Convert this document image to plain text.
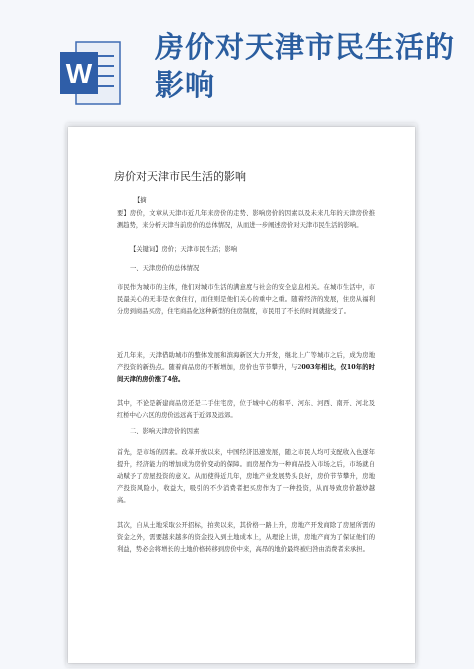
W
房价对天津市民生活的影响
房价对天津市民生活的影响
【摘
要】房价，文章从天津市近几年来房价的走势、影响房价的因素以及未来几年的天津房价推测趋势，来分析天津当前房价的总体情况，从而进一步阐述房价对天津市民生活的影响。
【关键词】房价；天津市民生活；影响
一、天津房价的总体情况
市民作为城市的主体，他们对城市生活的满意度与社会的安全息息相关。在城市生活中，市民最关心的无非是衣食住行，而住则是他们关心的重中之重。随着经济的发展，住房从福利分房到商品买房，住宅商品化这种新型的住房制度，市民用了不长的时间就接受了。
近几年来，天津借助城市的整体发展和滨海新区大力开发，继北上广等城市之后，成为房地产投资的新热点。随着商品房的不断增加，房价也节节攀升，与2003年相比，仅10年的时间天津的房价涨了4倍。
其中，不论是新建商品房还是二手住宅房，位于城中心的和平、河东、河西、南开、河北及红桥中心六区的房价远远高于近郊及远郊。
二、影响天津房价的因素
首先，是市场的因素。改革开放以来，中国经济迅速发展，随之市民人均可支配收入也逐年提升，经济能力的增加成为房价变动的保障。而房屋作为一种商品投入市场之后，市场就自动赋予了房屋投资的意义。从而使得近几年，房地产业发展势头良好，房价节节攀升，房地产投资风险小，收益大，吸引的不少消费者把买房作为了一种投资，从而导致房价越炒越高。
其次，自从土地采取公开招标，拍卖以来，其价格一路上升，房地产开发商除了房屋所需的资金之外，需要越来越多的资金投入到土地成本上，从理论上讲，房地产商为了保证他们的利益，势必会将增长的土地价格转移到房价中来，高昂的地价最终被归咎由消费者来承担。
